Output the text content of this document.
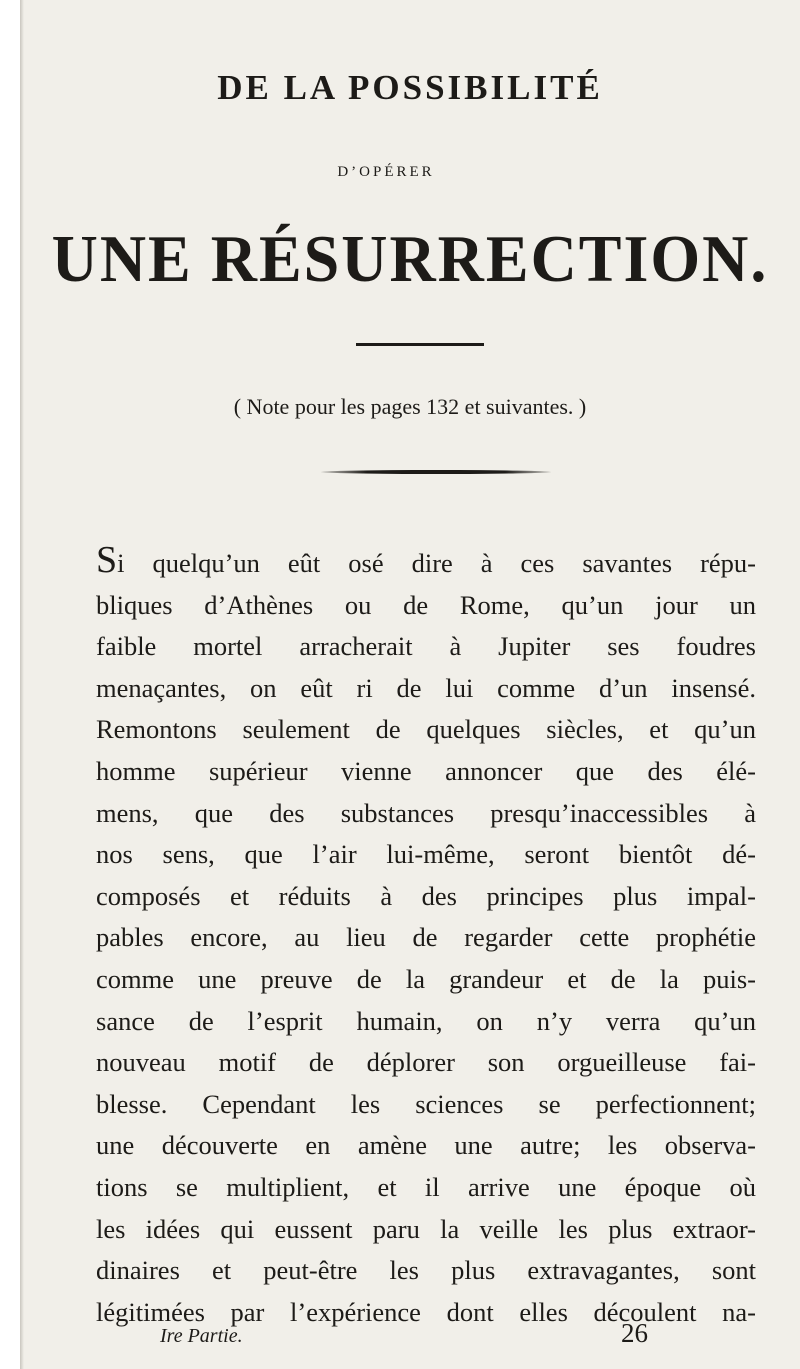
DE LA POSSIBILITÉ
D’OPÉRER
UNE RÉSURRECTION.
( Note pour les pages 132 et suivantes. )
Si quelqu’un eût osé dire à ces savantes répu-
bliques d’Athènes ou de Rome, qu’un jour un
faible mortel arracherait à Jupiter ses foudres
menaçantes, on eût ri de lui comme d’un insensé.
Remontons seulement de quelques siècles, et qu’un
homme supérieur vienne annoncer que des élé-
mens, que des substances presqu’inaccessibles à
nos sens, que l’air lui-même, seront bientôt dé-
composés et réduits à des principes plus impal-
pables encore, au lieu de regarder cette prophétie
comme une preuve de la grandeur et de la puis-
sance de l’esprit humain, on n’y verra qu’un
nouveau motif de déplorer son orgueilleuse fai-
blesse. Cependant les sciences se perfectionnent;
une découverte en amène une autre; les observa-
tions se multiplient, et il arrive une époque où
les idées qui eussent paru la veille les plus extraor-
dinaires et peut-être les plus extravagantes, sont
légitimées par l’expérience dont elles découlent na-
Ire Partie.	26
